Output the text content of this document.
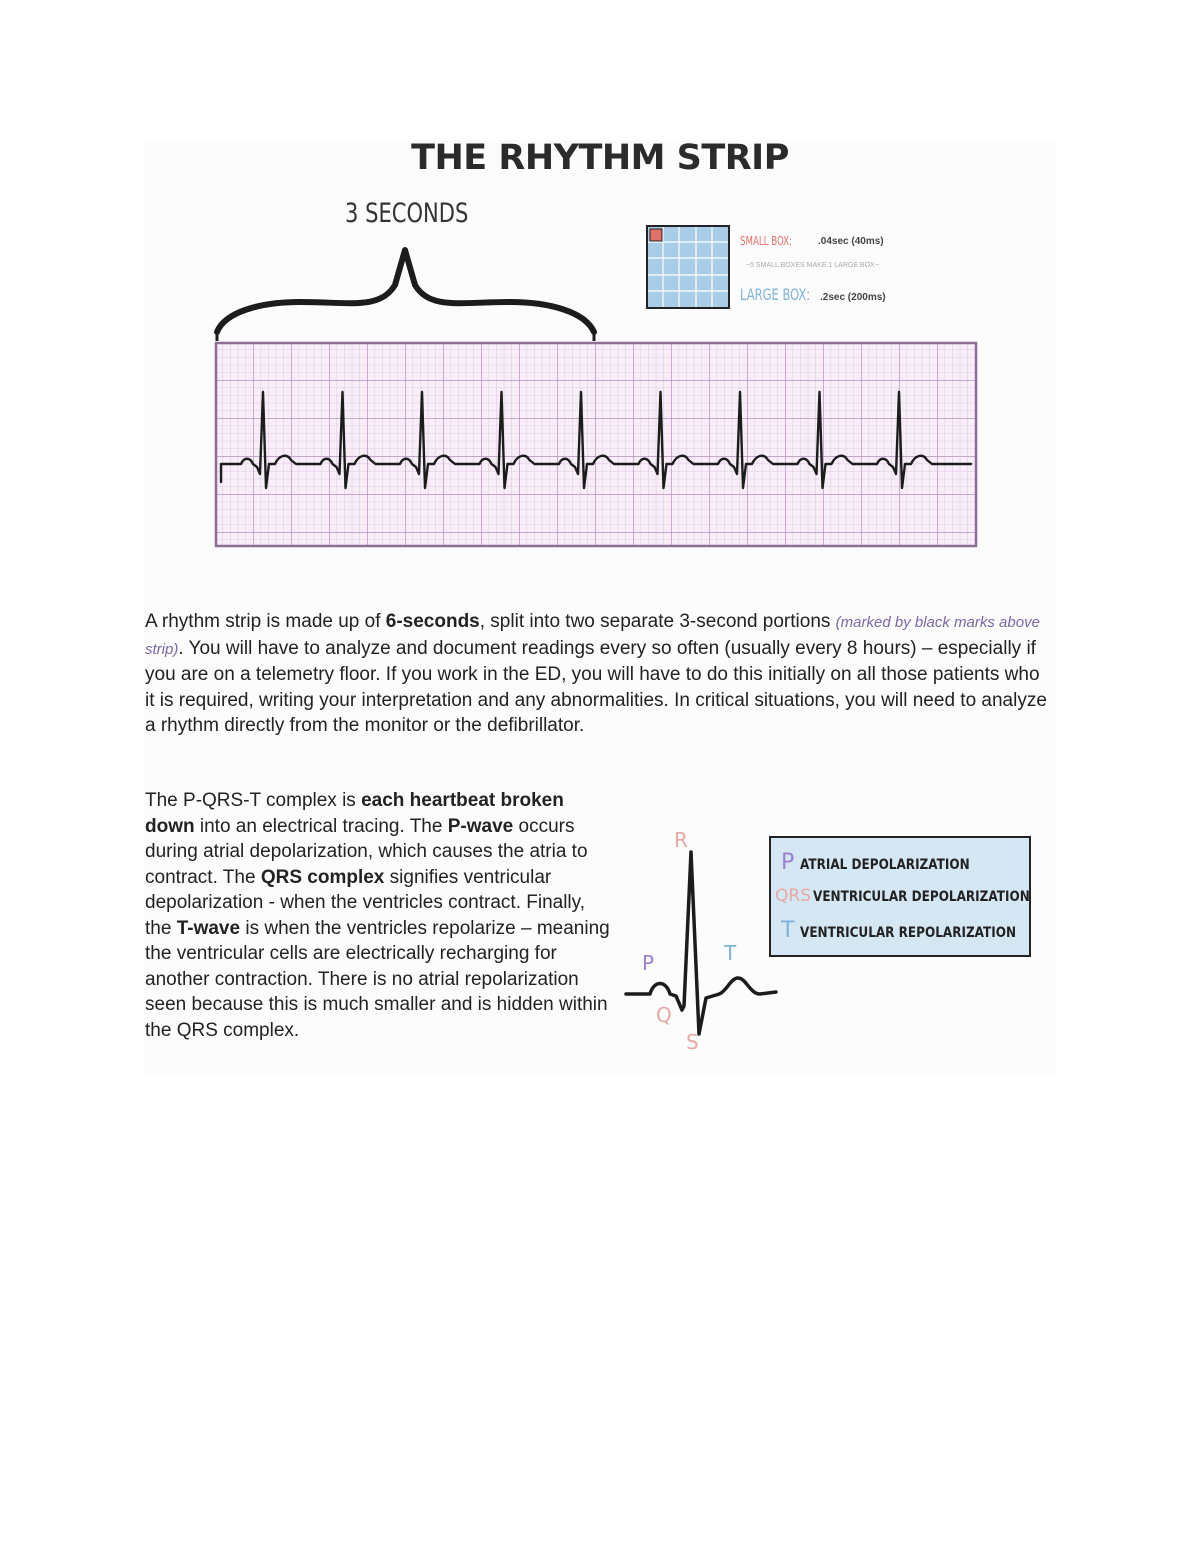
THE RHYTHM STRIP
3 SECONDS
SMALL BOX:	.04sec (40ms)
~5 SMALL BOXES MAKE 1 LARGE BOX~
LARGE BOX: .2sec (200ms)

A rhythm strip is made up of 6-seconds, split into two separate 3-second portions (marked by black marks above strip). You will have to analyze and document readings every so often (usually every 8 hours) – especially if you are on a telemetry floor. If you work in the ED, you will have to do this initially on all those patients who it is required, writing your interpretation and any abnormalities. In critical situations, you will need to analyze a rhythm directly from the monitor or the defibrillator.

The P-QRS-T complex is each heartbeat broken down into an electrical tracing. The P-wave occurs during atrial depolarization, which causes the atria to contract. The QRS complex signifies ventricular depolarization - when the ventricles contract. Finally, the T-wave is when the ventricles repolarize – meaning the ventricular cells are electrically recharging for another contraction. There is no atrial repolarization seen because this is much smaller and is hidden within the QRS complex.

R
P	T
Q
S
P ATRIAL DEPOLARIZATION
QRS VENTRICULAR DEPOLARIZATION
T VENTRICULAR REPOLARIZATION
